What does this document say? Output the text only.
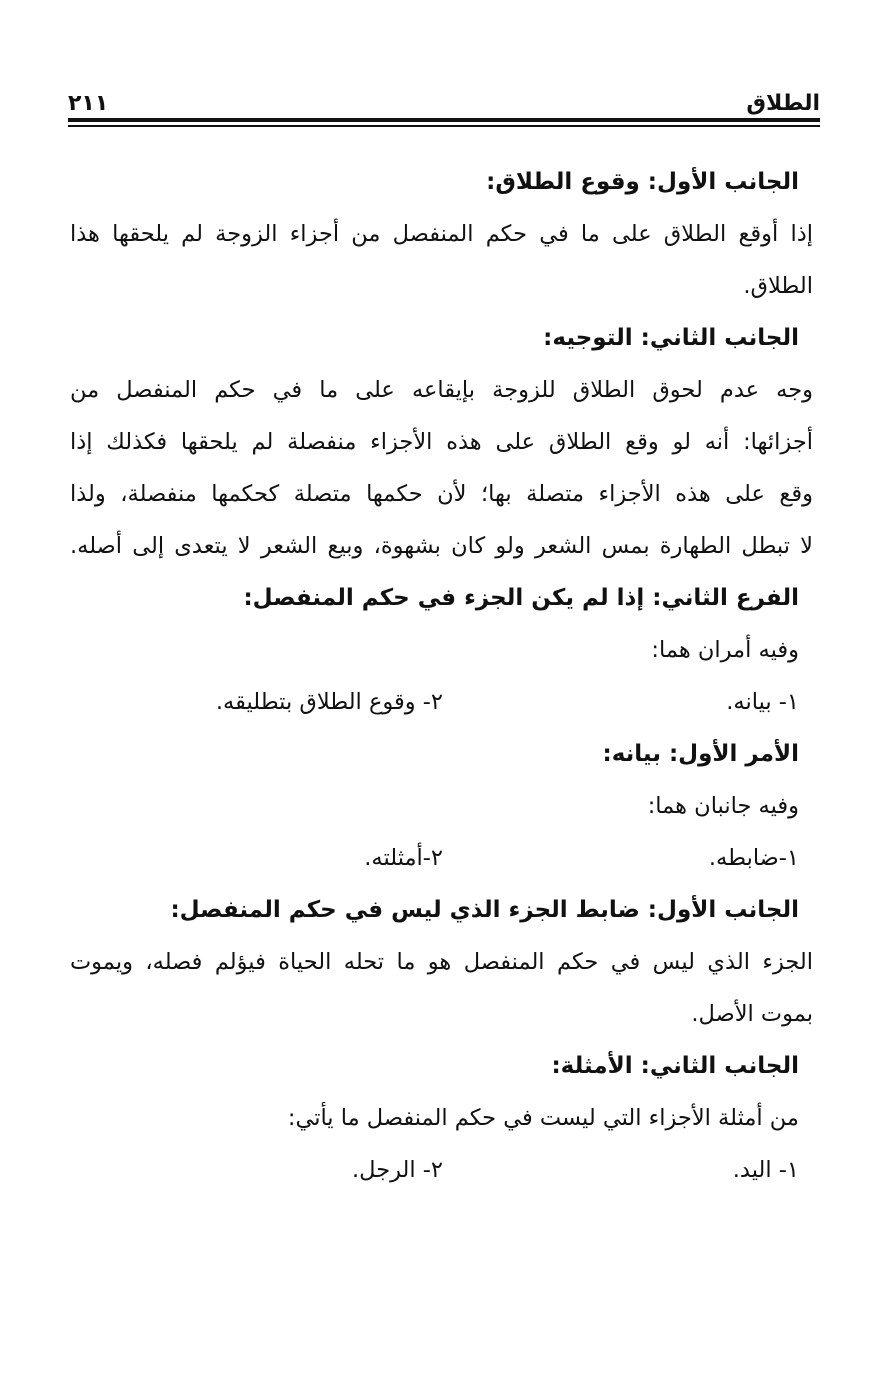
الطلاق
٢١١
الجانب الأول: وقوع الطلاق:
إذا أوقع الطلاق على ما في حكم المنفصل من أجزاء الزوجة لم يلحقها هذا
الطلاق.
الجانب الثاني: التوجيه:
وجه عدم لحوق الطلاق للزوجة بإيقاعه على ما في حكم المنفصل من
أجزائها: أنه لو وقع الطلاق على هذه الأجزاء منفصلة لم يلحقها فكذلك إذا
وقع على هذه الأجزاء متصلة بها؛ لأن حكمها متصلة كحكمها منفصلة، ولذا
لا تبطل الطهارة بمس الشعر ولو كان بشهوة، وبيع الشعر لا يتعدى إلى أصله.
الفرع الثاني: إذا لم يكن الجزء في حكم المنفصل:
وفيه أمران هما:
١- بيانه.
٢- وقوع الطلاق بتطليقه.
الأمر الأول: بيانه:
وفيه جانبان هما:
١-ضابطه.
٢-أمثلته.
الجانب الأول: ضابط الجزء الذي ليس في حكم المنفصل:
الجزء الذي ليس في حكم المنفصل هو ما تحله الحياة فيؤلم فصله، ويموت
بموت الأصل.
الجانب الثاني: الأمثلة:
من أمثلة الأجزاء التي ليست في حكم المنفصل ما يأتي:
١- اليد.
٢- الرجل.
